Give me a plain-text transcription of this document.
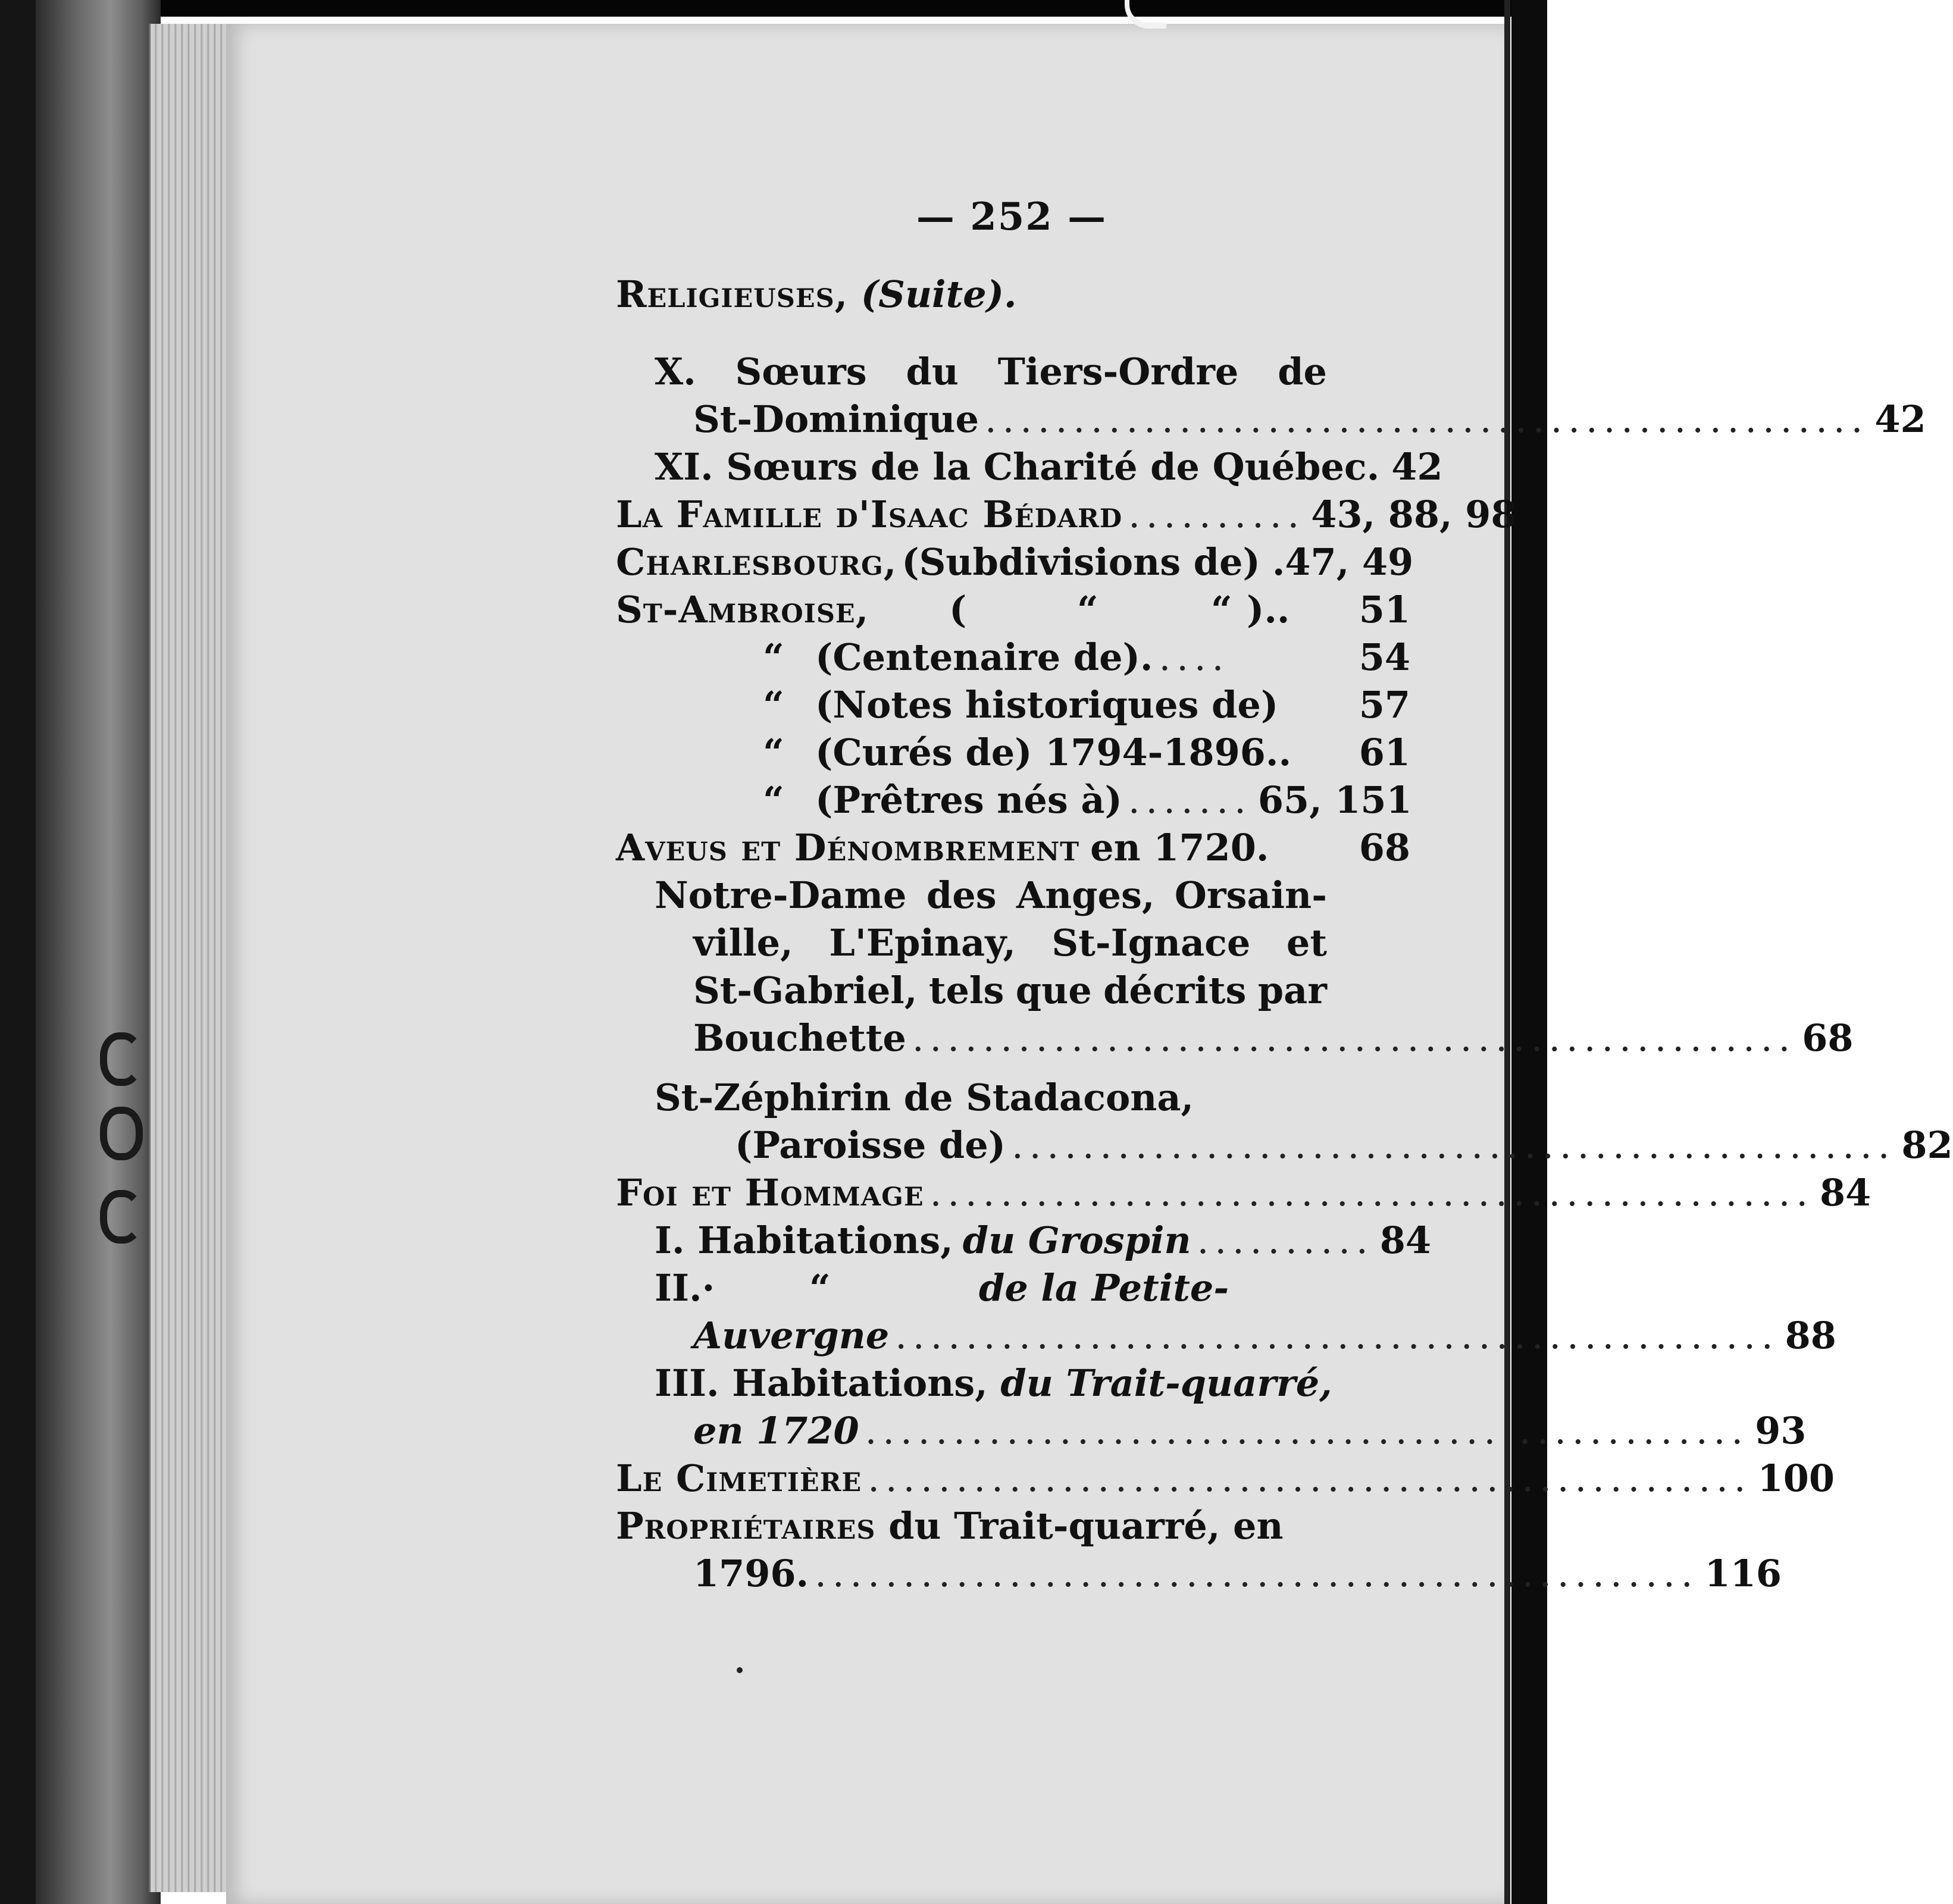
— 252 —
Religieuses, (Suite).
X. Sœurs du Tiers-Ordre de
St-Dominique .................................................. 42
XI. Sœurs de la Charité de Québec. 42
La Famille d'Isaac Bédard .......... 43, 88, 98
Charlesbourg, (Subdivisions de) .47, 49
St-Ambroise, (	“	“ ).. 51
“ (Centenaire de). ....	54
“ (Notes historiques de) 57
“ (Curés de) 1794-1896.. 61
“ (Prêtres nés à) ....... 65, 151
Aveus et Dénombrement en 1720. 68
Notre-Dame des Anges, Orsain-
ville, L'Epinay, St-Ignace et
St-Gabriel, tels que décrits par
Bouchette .................................................. 68
St-Zéphirin de Stadacona,
(Paroisse de) .................................................. 82
Foi et Hommage .................................................. 84
I. Habitations, du Grospin .......... 84
II.·	“	de la Petite-
Auvergne .................................................. 88
III. Habitations, du Trait-quarré,
en 1720 .................................................. 93
Le Cimetière .................................................. 100
Propriétaires du Trait-quarré, en
1796. .................................................. 116
